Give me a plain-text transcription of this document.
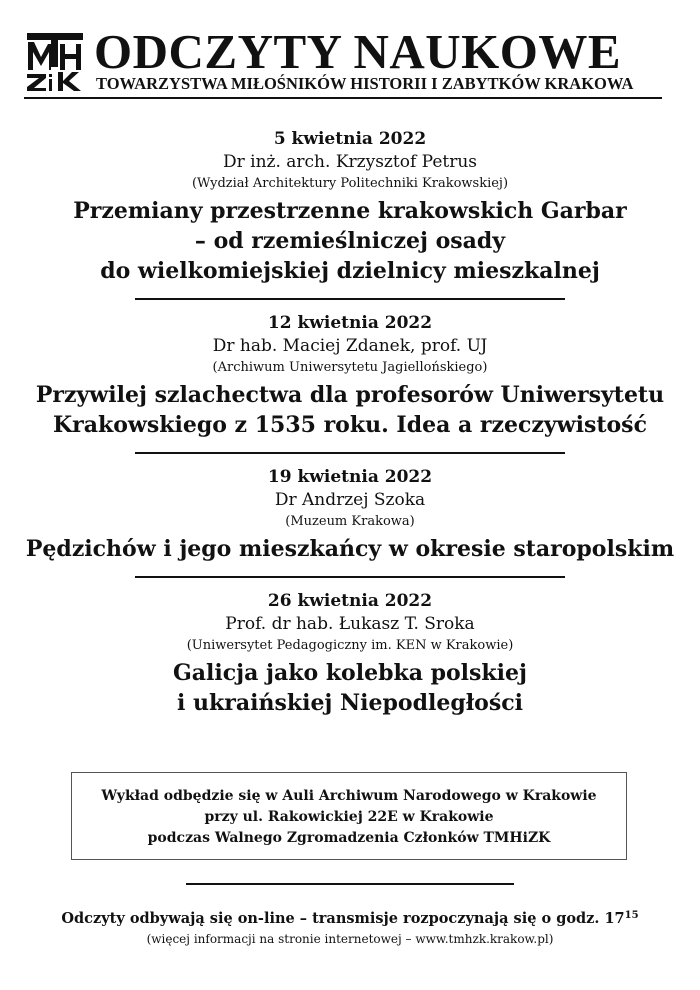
ODCZYTY NAUKOWE
TOWARZYSTWA MIŁOŚNIKÓW HISTORII I ZABYTKÓW KRAKOWA
5 kwietnia 2022
Dr inż. arch. Krzysztof Petrus
(Wydział Architektury Politechniki Krakowskiej)
Przemiany przestrzenne krakowskich Garbar
– od rzemieślniczej osady
do wielkomiejskiej dzielnicy mieszkalnej
12 kwietnia 2022
Dr hab. Maciej Zdanek, prof. UJ
(Archiwum Uniwersytetu Jagiellońskiego)
Przywilej szlachectwa dla profesorów Uniwersytetu
Krakowskiego z 1535 roku. Idea a rzeczywistość
19 kwietnia 2022
Dr Andrzej Szoka
(Muzeum Krakowa)
Pędzichów i jego mieszkańcy w okresie staropolskim
26 kwietnia 2022
Prof. dr hab. Łukasz T. Sroka
(Uniwersytet Pedagogiczny im. KEN w Krakowie)
Galicja jako kolebka polskiej
i ukraińskiej Niepodległości
Wykład odbędzie się w Auli Archiwum Narodowego w Krakowie
przy ul. Rakowickiej 22E w Krakowie
podczas Walnego Zgromadzenia Członków TMHiZK
Odczyty odbywają się on-line – transmisje rozpoczynają się o godz. $17^{15}$
(więcej informacji na stronie internetowej – www.tmhzk.krakow.pl)
